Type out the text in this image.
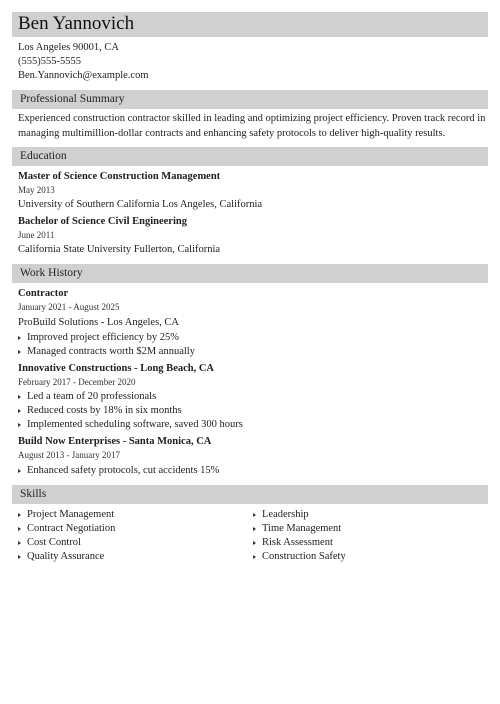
Ben Yannovich
Los Angeles 90001, CA
(555)555-5555
Ben.Yannovich@example.com
Professional Summary
Experienced construction contractor skilled in leading and optimizing project efficiency. Proven track record in managing multimillion-dollar contracts and enhancing safety protocols to deliver high-quality results.
Education
Master of Science Construction Management
May 2013
University of Southern California Los Angeles, California
Bachelor of Science Civil Engineering
June 2011
California State University Fullerton, California
Work History
Contractor
January 2021 - August 2025
ProBuild Solutions - Los Angeles, CA
Improved project efficiency by 25%
Managed contracts worth $2M annually
Innovative Constructions - Long Beach, CA
February 2017 - December 2020
Led a team of 20 professionals
Reduced costs by 18% in six months
Implemented scheduling software, saved 300 hours
Build Now Enterprises - Santa Monica, CA
August 2013 - January 2017
Enhanced safety protocols, cut accidents 15%
Skills
Project Management
Contract Negotiation
Cost Control
Quality Assurance
Leadership
Time Management
Risk Assessment
Construction Safety
